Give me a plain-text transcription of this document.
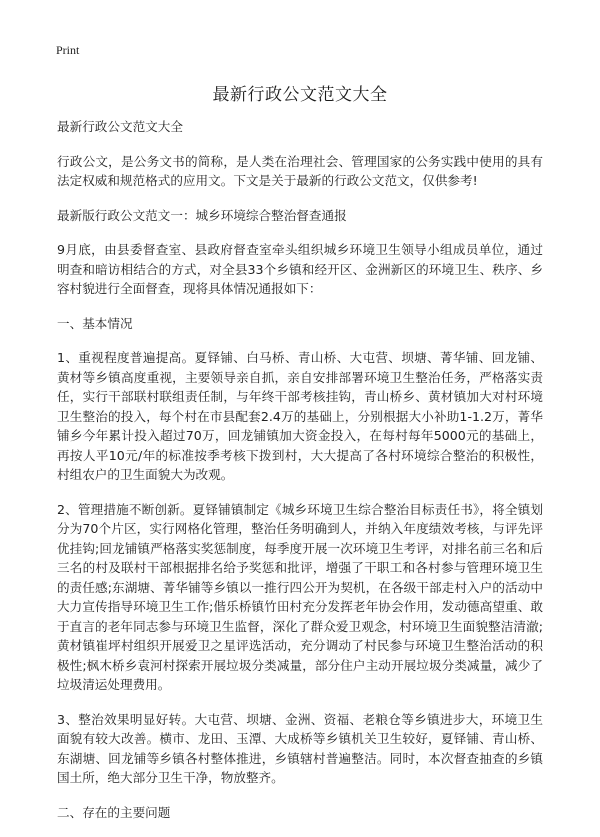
Print
最新行政公文范文大全

最新行政公文范文大全

行政公文，是公务文书的简称，是人类在治理社会、管理国家的公务实践中使用的具有法定权威和规范格式的应用文。下文是关于最新的行政公文范文，仅供参考!

最新版行政公文范文一：城乡环境综合整治督查通报

9月底，由县委督查室、县政府督查室牵头组织城乡环境卫生领导小组成员单位，通过明查和暗访相结合的方式，对全县33个乡镇和经开区、金洲新区的环境卫生、秩序、乡容村貌进行全面督查，现将具体情况通报如下：

一、基本情况

1、重视程度普遍提高。夏铎铺、白马桥、青山桥、大屯营、坝塘、菁华铺、回龙铺、黄材等乡镇高度重视，主要领导亲自抓，亲自安排部署环境卫生整治任务，严格落实责任，实行干部联村联组责任制，与年终干部考核挂钩，青山桥乡、黄材镇加大对村环境卫生整治的投入，每个村在市县配套2.4万的基础上，分别根据大小补助1-1.2万，菁华铺乡今年累计投入超过70万，回龙铺镇加大资金投入，在每村每年5000元的基础上，再按人平10元/年的标准按季考核下拨到村，大大提高了各村环境综合整治的积极性，村组农户的卫生面貌大为改观。

2、管理措施不断创新。夏铎铺镇制定《城乡环境卫生综合整治目标责任书》，将全镇划分为70个片区，实行网格化管理，整治任务明确到人，并纳入年度绩效考核，与评先评优挂钩;回龙铺镇严格落实奖惩制度，每季度开展一次环境卫生考评，对排名前三名和后三名的村及联村干部根据排名给予奖惩和批评，增强了干职工和各村参与管理环境卫生的责任感;东湖塘、菁华铺等乡镇以一推行四公开为契机，在各级干部走村入户的活动中大力宣传指导环境卫生工作;偕乐桥镇竹田村充分发挥老年协会作用，发动德高望重、敢于直言的老年同志参与环境卫生监督，深化了群众爱卫观念，村环境卫生面貌整洁清澈;黄材镇崔坪村组织开展爱卫之星评选活动，充分调动了村民参与环境卫生整治活动的积极性;枫木桥乡袁河村探索开展垃圾分类减量，部分住户主动开展垃圾分类减量，减少了垃圾清运处理费用。

3、整治效果明显好转。大屯营、坝塘、金洲、资福、老粮仓等乡镇进步大，环境卫生面貌有较大改善。横市、龙田、玉潭、大成桥等乡镇机关卫生较好，夏铎铺、青山桥、东湖塘、回龙铺等乡镇各村整体推进，乡镇辖村普遍整洁。同时，本次督查抽查的乡镇国土所，绝大部分卫生干净，物放整齐。

二、存在的主要问题
